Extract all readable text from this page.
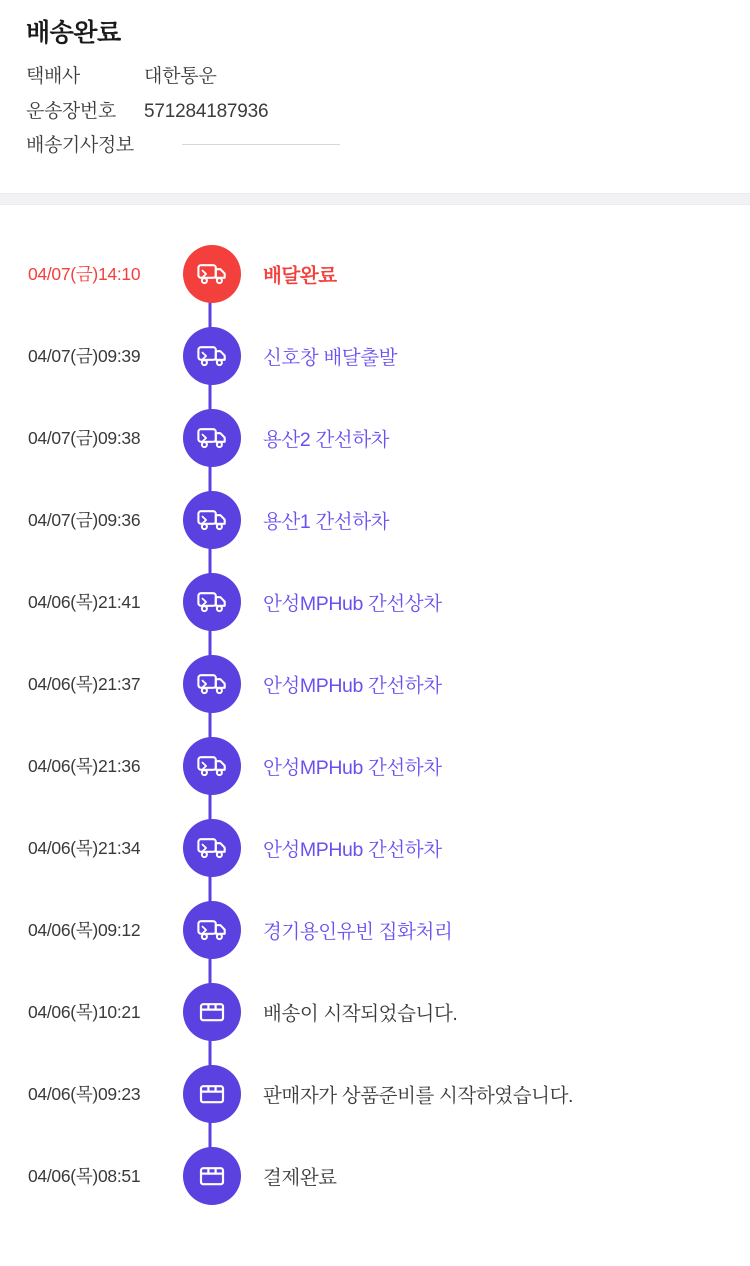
배송완료
택배사	대한통운
운송장번호	571284187936
배송기사정보
04/07(금)14:10	배달완료
04/07(금)09:39	신호창 배달출발
04/07(금)09:38	용산2 간선하차
04/07(금)09:36	용산1 간선하차
04/06(목)21:41	안성MPHub 간선상차
04/06(목)21:37	안성MPHub 간선하차
04/06(목)21:36	안성MPHub 간선하차
04/06(목)21:34	안성MPHub 간선하차
04/06(목)09:12	경기용인유빈 집화처리
04/06(목)10:21	배송이 시작되었습니다.
04/06(목)09:23	판매자가 상품준비를 시작하였습니다.
04/06(목)08:51	결제완료
